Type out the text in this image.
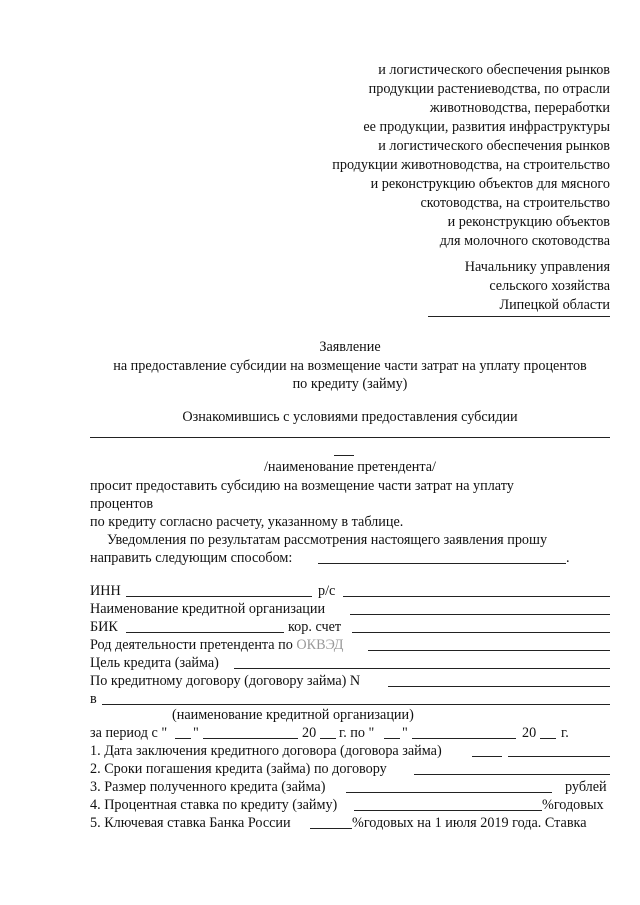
и логистического обеспечения рынков
продукции растениеводства, по отрасли
животноводства, переработки
ее продукции, развития инфраструктуры
и логистического обеспечения рынков
продукции животноводства, на строительство
и реконструкцию объектов для мясного
скотоводства, на строительство
и реконструкцию объектов
для молочного скотоводства
Начальнику управления
сельского хозяйства
Липецкой области
Заявление
на предоставление субсидии на возмещение части затрат на уплату процентов
по кредиту (займу)
Ознакомившись с условиями предоставления субсидии
/наименование претендента/
просит предоставить субсидию на возмещение части затрат на уплату
процентов
по кредиту согласно расчету, указанному в таблице.
Уведомления по результатам рассмотрения настоящего заявления прошу
направить следующим способом:	.
ИНН	р/с
Наименование кредитной организации
БИК	кор. счет
Род деятельности претендента по ОКВЭД
Цель кредита (займа)
По кредитному договору (договору займа) N
в
(наименование кредитной организации)
за период с " "	20 г. по " "	20 г.
1. Дата заключения кредитного договора (договора займа)
2. Сроки погашения кредита (займа) по договору
3. Размер полученного кредита (займа)	рублей
4. Процентная ставка по кредиту (займу)	%годовых
5. Ключевая ставка Банка России	%годовых на 1 июля 2019 года. Ставка
